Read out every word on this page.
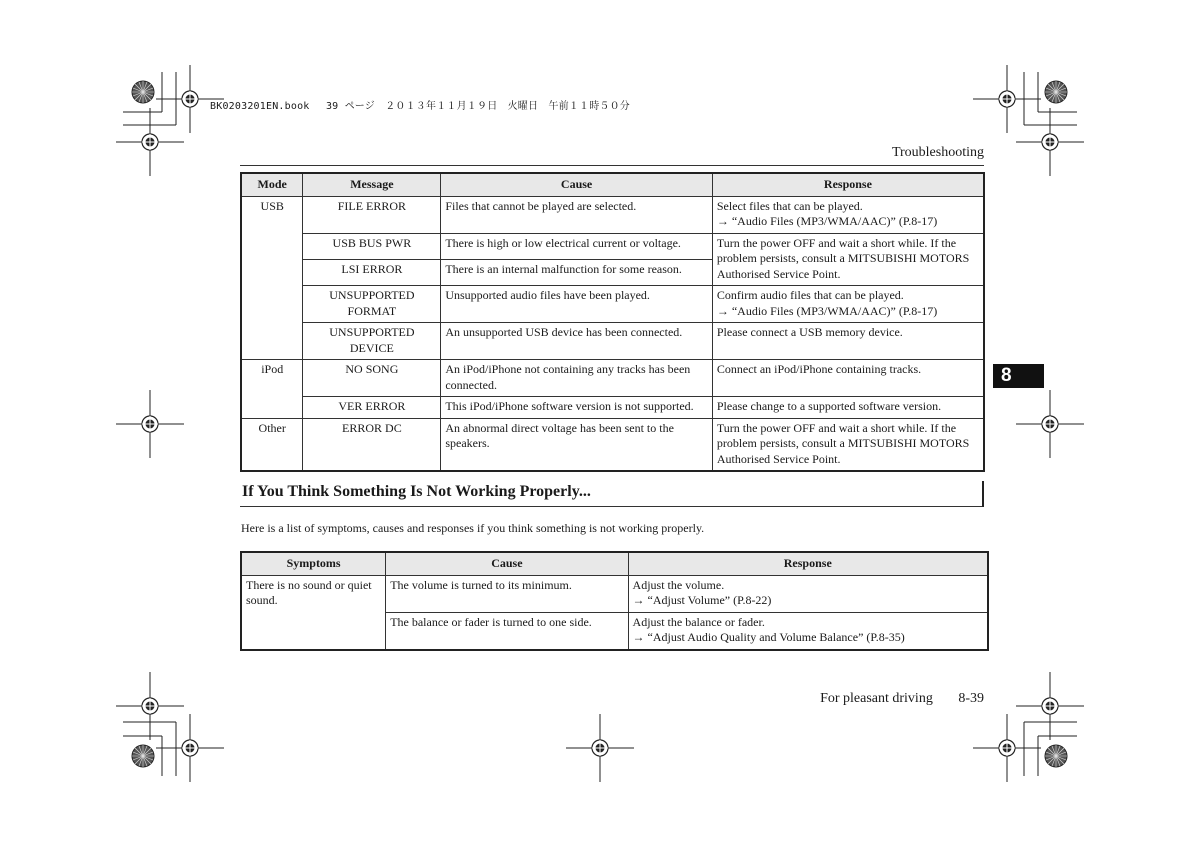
BK0203201EN.book　 39 ページ　２０１３年１１月１９日　火曜日　午前１１時５０分
Troubleshooting
8
Mode	Message	Cause	Response
USB	FILE ERROR	Files that cannot be played are selected.	Select files that can be played.
→ “Audio Files (MP3/WMA/AAC)” (P.8-17)

	USB BUS PWR	There is high or low electrical current or voltage.	Turn the power OFF and wait a short while. If the problem persists, consult a MITSUBISHI MOTORS Authorised Service Point.
	LSI ERROR	There is an internal malfunction for some reason.	
	UNSUPPORTED FORMAT	Unsupported audio files have been played.	Confirm audio files that can be played.
→ “Audio Files (MP3/WMA/AAC)” (P.8-17)

	UNSUPPORTED DEVICE	An unsupported USB device has been connected.	Please connect a USB memory device.
iPod	NO SONG	An iPod/iPhone not containing any tracks has been connected.	Connect an iPod/iPhone containing tracks.
	VER ERROR	This iPod/iPhone software version is not supported.	Please change to a supported software version.
Other	ERROR DC	An abnormal direct voltage has been sent to the speakers.	Turn the power OFF and wait a short while. If the problem persists, consult a MITSUBISHI MOTORS Authorised Service Point.
If You Think Something Is Not Working Properly...
Here is a list of symptoms, causes and responses if you think something is not working properly.
Symptoms	Cause	Response
There is no sound or quiet sound.	The volume is turned to its minimum.	Adjust the volume.
→ “Adjust Volume” (P.8-22)

	The balance or fader is turned to one side.	Adjust the balance or fader.
→ “Adjust Audio Quality and Volume Balance” (P.8-35)
For pleasant driving 8-39
